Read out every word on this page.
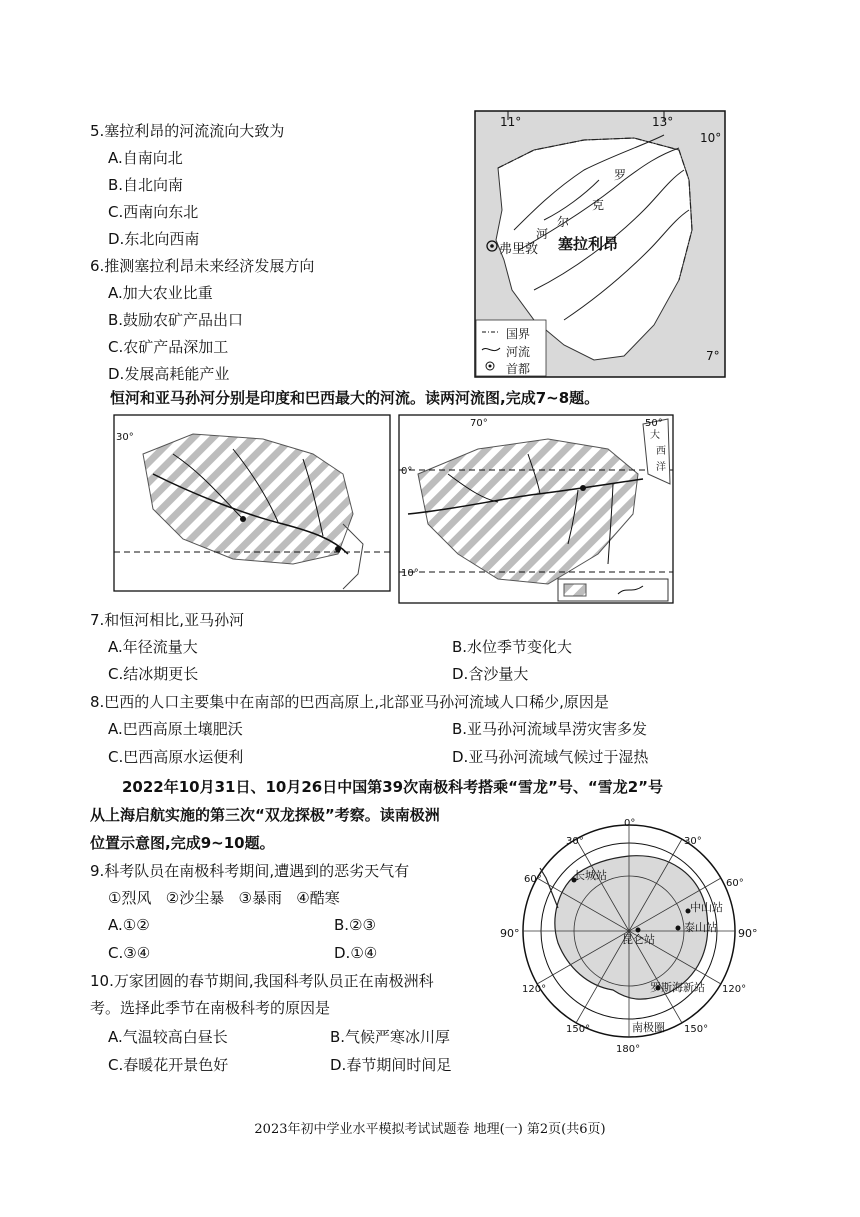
5.塞拉利昂的河流流向大致为
A.自南向北
B.自北向南
C.西南向东北
D.东北向西南
6.推测塞拉利昂未来经济发展方向
A.加大农业比重
B.鼓励农矿产品出口
C.农矿产品深加工
D.发展高耗能产业
11°	13°
10°
7°
罗
克
尔
河
弗里敦 塞拉利昂
国界
河流
首都
恒河和亚马孙河分别是印度和巴西最大的河流。读两河流图,完成7~8题。
30°
70°	50°
0°
10°
大
西
洋
7.和恒河相比,亚马孙河
A.年径流量大	B.水位季节变化大
C.结冰期更长	D.含沙量大
8.巴西的人口主要集中在南部的巴西高原上,北部亚马孙河流域人口稀少,原因是
A.巴西高原土壤肥沃	B.亚马孙河流域旱涝灾害多发
C.巴西高原水运便利	D.亚马孙河流域气候过于湿热
2022年10月31日、10月26日中国第39次南极科考搭乘“雪龙”号、“雪龙2”号
从上海启航实施的第三次“双龙探极”考察。读南极洲
位置示意图,完成9~10题。
9.科考队员在南极科考期间,遭遇到的恶劣天气有
①烈风   ②沙尘暴   ③暴雨   ④酷寒
A.①②	B.②③
C.③④	D.①④
10.万家团圆的春节期间,我国科考队员正在南极洲科
考。选择此季节在南极科考的原因是
A.气温较高白昼长	B.气候严寒冰川厚
C.春暖花开景色好	D.春节期间时间足
0°
30°
60°
90°
120°
150°
180°
150°
120°
90°
60°
30°
长城站
中山站
泰山站
昆仑站
罗斯海新站
南极圈
2023年初中学业水平模拟考试试题卷 地理(一) 第2页(共6页)
